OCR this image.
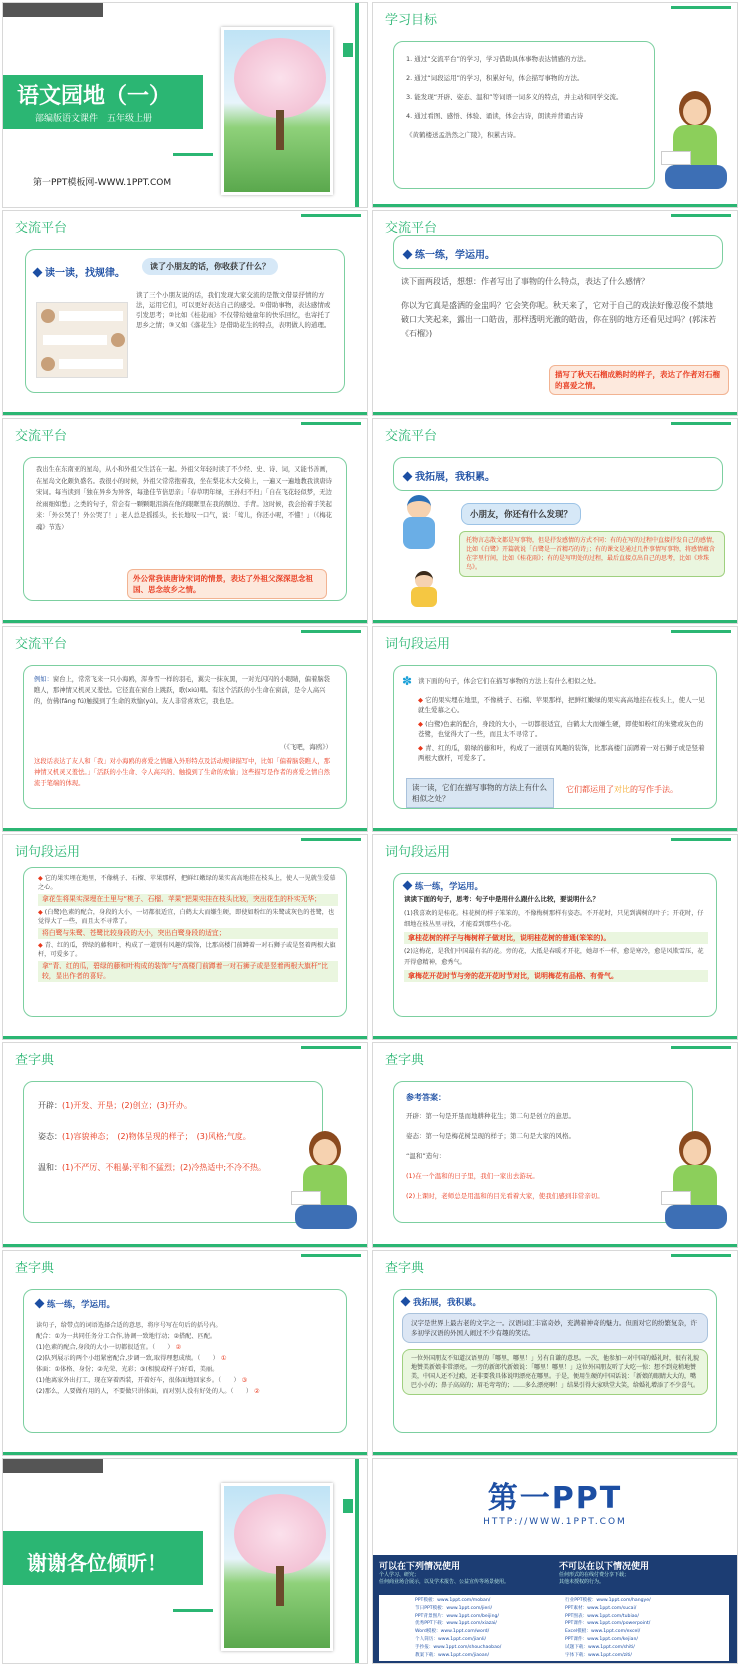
语文园地（一）
部编版语文课件　五年级上册
第一PPT模板网-WWW.1PPT.COM
学习目标
1. 通过“交流平台”的学习，学习借助具体事物表达情感的方法。
2. 通过“词段运用”的学习，积累好句，体会描写事物的方法。
3. 能发现“开辟、姿态、温和”等词语一词多义的特点，并主动和同学交流。
4. 通过看图、感悟、体验、诵读，体会古诗，朗读并背诵古诗
《黄鹤楼送孟浩然之广陵》，积累古诗。
交流平台
读一读，找规律。
读了小朋友的话，你收获了什么？
读了三个小朋友说的话，我们发现大家交流的是散文借景抒情的方法，运用它们，可以更好表达自己的感受。①借助事物，表达感情或引发思考；②比如《桂花雨》不仅带给她童年的快乐回忆，也寄托了思乡之情；③又如《落花生》是借助花生的特点，表明做人的道理。
交流平台
练一练，学运用。
读下面两段话，想想：作者写出了事物的什么特点，表达了什么感情？
你以为它真是盛洒的金盅吗？它会笑你呢。秋天来了，它对于自己的戏法好像忍俊不禁地破口大笑起来，露出一口皓齿，那样透明光澈的皓齿，你在别的地方还看见过吗？(郭沫若《石榴》)
描写了秋天石榴成熟时的样子，表达了作者对石榴的喜爱之情。
交流平台
我出生在东南亚的星岛，从小和外祖父生活在一起。外祖父年轻时读了不少经、史、诗、词，又能书善画，在星岛文化颇负盛名。我很小的时候，外祖父常常抱着我，坐在梨花木大交椅上，一遍又一遍地教我读唐诗宋词。每当读到「独在异乡为异客，每逢佳节倍思亲」「春草明年绿，王孙归不归」「自在飞花轻似梦，无边丝雨细如愁」之类的句子，常会有一颗颗眼泪淌在他的眼眶里在我的额边、手背。这时候，我会抬着手笑起来：「外公哭了！外公哭了！」老人总是摇摇头，长长地叹一口气，说：「莺儿，你还小呢，不懂！」（《梅花魂》节选）
外公常我读唐诗宋词的情景，表达了外祖父深深思念祖国、思念故乡之情。
交流平台
我拓展，我积累。
小朋友，你还有什么发现？
托物言志散文都是写事物，但是抒发感情的方式不同：有的在写的过程中直接抒发自己的感情，比如《白鹭》开篇就说「白鹭是一首精巧的诗」；有的课文是通过几件事情写事物，将感情蕴含在字里行间，比如《桂花雨》；有的是写明处的过程，最后直接点出自己的思考，比如《珍珠鸟》。
交流平台
例如：窗台上，常常飞来一只小海鸥，浑身雪一样的羽毛，翼尖一抹灰黑，一对光闪闪的小眼睛，偏着脑袋瞧人，那神情又机灵又羞怯。它径直在窗台上跳跃，歌(xiú)唱。有这个活跃的小生命在窗前，是令人高兴的，仿佛(fǎng fú)触摸到了生命的欢愉(yú)。友人非常喜欢它，我也是。
（《飞吧，海鸥》）
这段话表达了友人和「我」对小海鸥的喜爱之情融入外形特点及活动规律描写中，比如「偏着脑袋瞧人，那神情又机灵又羞怯。」「活跃的小生命、令人高兴的、触摸到了生命的欢愉」这些描写是作者的喜爱之情自然流于笔端的体现。
词句段运用
✽ 读下面的句子，体会它们在描写事物的方法上有什么相似之处。
◆ 它的果实埋在地里，不像桃子、石榴、苹果那样，把鲜红嫩绿的果实高高地挂在枝头上，使人一见就生爱慕之心。
◆ (白鹭)色素的配合，身段的大小，一切都很适宜，白鹤太大而嫌生硬，即使如粉红的朱鹭或灰色的苍鹭，也觉得大了一些，而且太不寻常了。
◆ 青、红的瓜，碧绿的藤和叶，构成了一道别有风趣的装饰，比那高楼门前蹲着一对石狮子或是竖着两根大旗杆，可爱多了。
读一读，它们在描写事物的方法上有什么相似之处？
它们都运用了对比的写作手法。
词句段运用
◆ 它的果实埋在地里，不像桃子、石榴、苹果那样，把鲜红嫩绿的果实高高地挂在枝头上，使人一见就生爱慕之心。
拿花生将果实深埋在土里与“桃子、石榴、苹果”把果实挂在枝头比较，突出花生的朴实无华；
◆ (白鹭)色素的配合，身段的大小，一切都很适宜，白鹤太大而嫌生硬，即使如粉红的朱鹭或灰色的苍鹭，也觉得大了一些，而且太不寻常了。
将白鹭与朱鹭、苍鹭比较身段的大小，突出白鹭身段的适宜；
◆ 青、红的瓜，碧绿的藤和叶，构成了一道别有风趣的装饰，比那高楼门前蹲着一对石狮子或是竖着两根大旗杆，可爱多了。
拿“青、红的瓜，碧绿的藤和叶构成的装饰”与“高楼门前蹲着一对石狮子或是竖着两根大旗杆”比较，显出作者的喜好。
词句段运用
练一练，学运用。
读读下面的句子，思考：句子中是用什么跟什么比较，要说明什么？
(1)我喜欢的是桂花。桂花树的样子笨笨的，不像梅树那样有姿态。不开花时，只见到满树的叶子；开花时，仔细地在枝丛里寻找，才能看到那些小花。
拿桂花树的样子与梅树样子做对比，说明桂花树的普通(笨笨的)。
(2)这梅花，是我们中国最有名的花。旁的花，大抵是春暖才开花，她却不一样，愈是寒冷，愈是风欺雪压，花开得愈精神，愈秀气。
拿梅花开花时节与旁的花开花时节对比，说明梅花有品格、有骨气。
查字典
开辟：(1)开发、开垦；(2)创立；(3)开办。
姿态：(1)容貌神态；　(2)物体呈现的样子；　(3)风格;气度。
温和：(1)不严厉、不粗暴;平和不猛烈；(2)冷热适中;不冷不热。
查字典
参考答案：
开辟：第一句是开垦而地耕种花生；第二句是创立的意思。
姿态：第一句是梅花树呈现的样子；第二句是大家的风格。
“温和”造句：
(1)在一个温和的日子里，我们一家出去游玩。
(2)上课时，老师总是用温和的目光看着大家，使我们感到非常亲切。
查字典
练一练，学运用。
读句子，给带点的词语选择合适的意思，将序号写在句后的括号内。
配合：①为一共同任务分工合作,协调一致地行动；②搭配、匹配。
(1)色素的配合,身段的大小一切都很适宜。（　　） ②
(2)队列展示的两个小组紧密配合,步调一致,取得理想成绩。（　　） ①
体面：①体格、身份；②光荣、光彩；③(相貌或样子)好看，美丽。
(1)他离家外出打工，现在穿着西装，开着好车，很体面地回家乡。（　　） ③
(2)那么，人要做有用的人，不要做只讲体面，而对别人没有好处的人。（　　） ②
查字典
我拓展，我积累。
汉字是世界上最古老的文字之一。汉语词汇丰富奇妙，充满着神奇的魅力。但面对它的纷繁复杂，许多初学汉语的外国人闹过不少有趣的笑话。
一位外国朋友不知道汉语里的「哪里，哪里！」另有自谦的意思。一次，他参加一对中国的婚礼时，很有礼貌地赞美新娘非常漂亮。一旁的新郎代新娘说：「哪里！哪里！」这位外国朋友听了大吃一惊：想不到竟稍地赞美，中国人还不过瘾，还非要我具体说明漂亮在哪里。于是，便用生硬的中国话说：「新娘的眼睛大大的，嘴巴小小的；鼻子高高的；眉毛弯弯的；……多么漂亮啊！」结果引得大家哄堂大笑，给婚礼增添了不少喜气。
谢谢各位倾听！
第一PPT
HTTP://WWW.1PPT.COM
可以在下列情况使用
个人学习、研究；
任何商业场合展示，以及学术报告、公益宣传等场景使用。
不可以在以下情况使用
任何形式的在线付费分享下载；
其他未授权的行为。
PPT模板：www.1ppt.com/moban/
节日PPT模板：www.1ppt.com/jieri/
PPT背景图片：www.1ppt.com/beijing/
优秀PPT下载：www.1ppt.com/xiazai/
Word模板：www.1ppt.com/word/
个人简历：www.1ppt.com/jianli/
手抄报：www.1ppt.com/shouchaobao/
教案下载：www.1ppt.com/jiaoan/
行业PPT模板：www.1ppt.com/hangye/
PPT素材：www.1ppt.com/sucai/
PPT图表：www.1ppt.com/tubiao/
PPT课件：www.1ppt.com/powerpoint/
Excel模板：www.1ppt.com/excel/
PPT课件：www.1ppt.com/kejian/
试题下载：www.1ppt.com/shiti/
字体下载：www.1ppt.com/ziti/
